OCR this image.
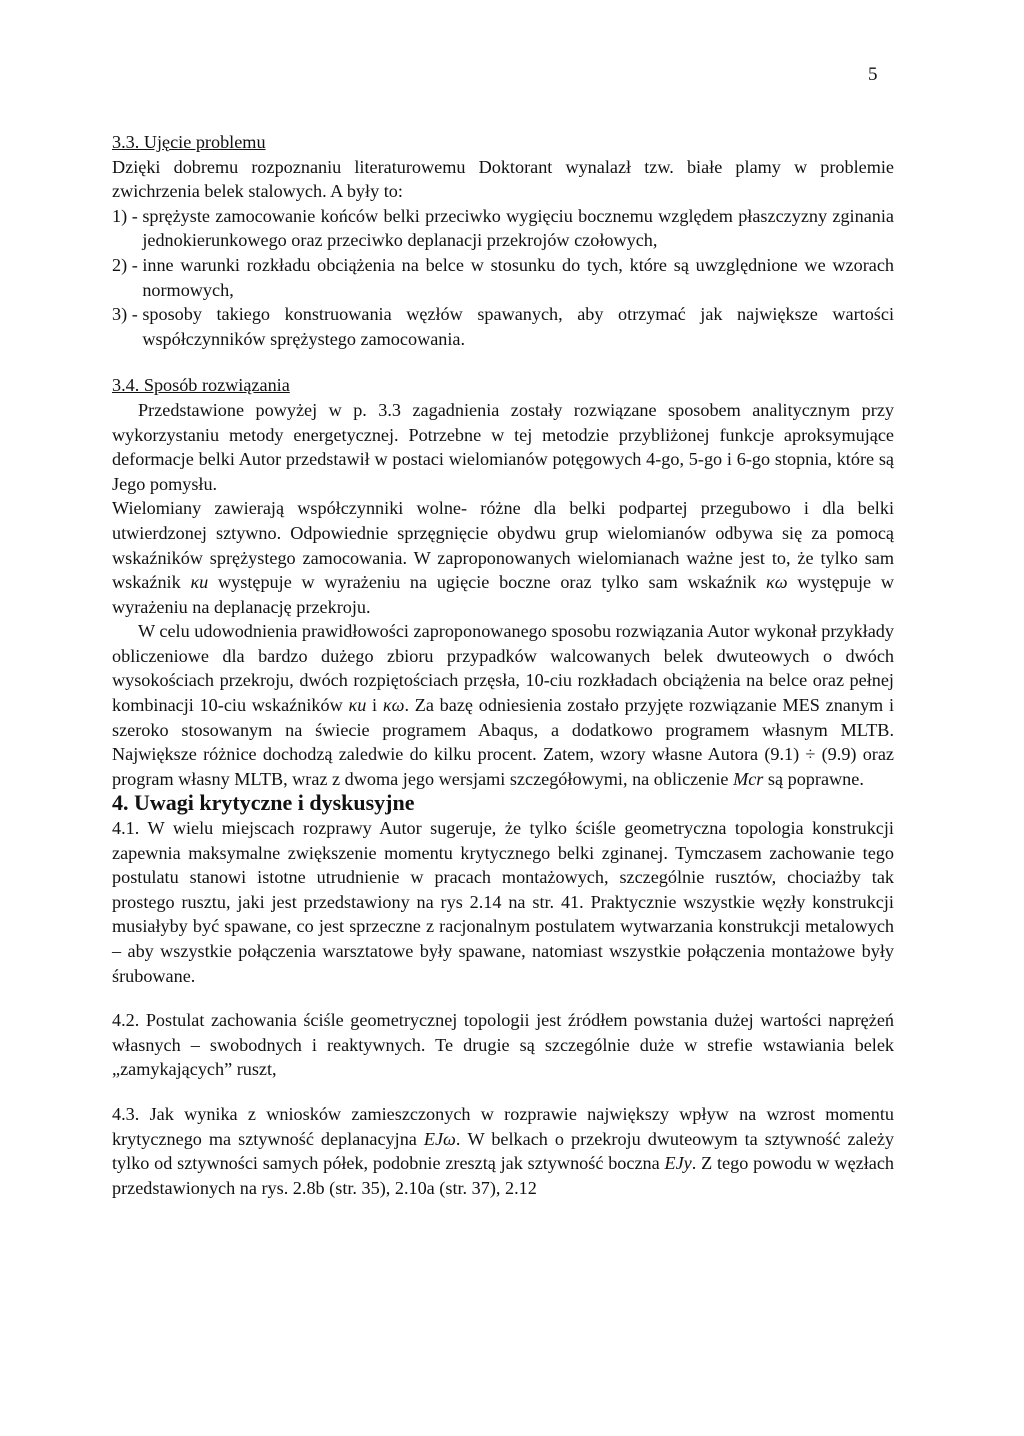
5

3.3. Ujęcie problemu

Dzięki dobremu rozpoznaniu literaturowemu Doktorant wynalazł tzw. białe plamy w problemie zwichrzenia belek stalowych. A były to:

1) - sprężyste zamocowanie końców belki przeciwko wygięciu bocznemu względem płaszczyzny zginania jednokierunkowego oraz przeciwko deplanacji przekrojów czołowych,
2) - inne warunki rozkładu obciążenia na belce w stosunku do tych, które są uwzględnione we wzorach normowych,
3) - sposoby takiego konstruowania węzłów spawanych, aby otrzymać jak największe wartości współczynników sprężystego zamocowania.

3.4. Sposób rozwiązania

Przedstawione powyżej w p. 3.3 zagadnienia zostały rozwiązane sposobem analitycznym przy wykorzystaniu metody energetycznej. Potrzebne w tej metodzie przybliżonej funkcje aproksymujące deformacje belki Autor przedstawił w postaci wielomianów potęgowych 4-go, 5-go i 6-go stopnia, które są Jego pomysłu.

Wielomiany zawierają współczynniki wolne- różne dla belki podpartej przegubowo i dla belki utwierdzonej sztywno. Odpowiednie sprzęgnięcie obydwu grup wielomianów odbywa się za pomocą wskaźników sprężystego zamocowania. W zaproponowanych wielomianach ważne jest to, że tylko sam wskaźnik κu występuje w wyrażeniu na ugięcie boczne oraz tylko sam wskaźnik κω występuje w wyrażeniu na deplanację przekroju.

W celu udowodnienia prawidłowości zaproponowanego sposobu rozwiązania Autor wykonał przykłady obliczeniowe dla bardzo dużego zbioru przypadków walcowanych belek dwuteowych o dwóch wysokościach przekroju, dwóch rozpiętościach przęsła, 10-ciu rozkładach obciążenia na belce oraz pełnej kombinacji 10-ciu wskaźników κu i κω. Za bazę odniesienia zostało przyjęte rozwiązanie MES znanym i szeroko stosowanym na świecie programem Abaqus, a dodatkowo programem własnym MLTB. Największe różnice dochodzą zaledwie do kilku procent. Zatem, wzory własne Autora (9.1) ÷ (9.9) oraz program własny MLTB, wraz z dwoma jego wersjami szczegółowymi, na obliczenie Mcr są poprawne.

4. Uwagi krytyczne i dyskusyjne

4.1. W wielu miejscach rozprawy Autor sugeruje, że tylko ściśle geometryczna topologia konstrukcji zapewnia maksymalne zwiększenie momentu krytycznego belki zginanej. Tymczasem zachowanie tego postulatu stanowi istotne utrudnienie w pracach montażowych, szczególnie rusztów, chociażby tak prostego rusztu, jaki jest przedstawiony na rys 2.14 na str. 41. Praktycznie wszystkie węzły konstrukcji musiałyby być spawane, co jest sprzeczne z racjonalnym postulatem wytwarzania konstrukcji metalowych – aby wszystkie połączenia warsztatowe były spawane, natomiast wszystkie połączenia montażowe były śrubowane.

4.2. Postulat zachowania ściśle geometrycznej topologii jest źródłem powstania dużej wartości naprężeń własnych – swobodnych i reaktywnych. Te drugie są szczególnie duże w strefie wstawiania belek „zamykających” ruszt,

4.3. Jak wynika z wniosków zamieszczonych w rozprawie największy wpływ na wzrost momentu krytycznego ma sztywność deplanacyjna EJω. W belkach o przekroju dwuteowym ta sztywność zależy tylko od sztywności samych półek, podobnie zresztą jak sztywność boczna EJy. Z tego powodu w węzłach przedstawionych na rys. 2.8b (str. 35), 2.10a (str. 37), 2.12
